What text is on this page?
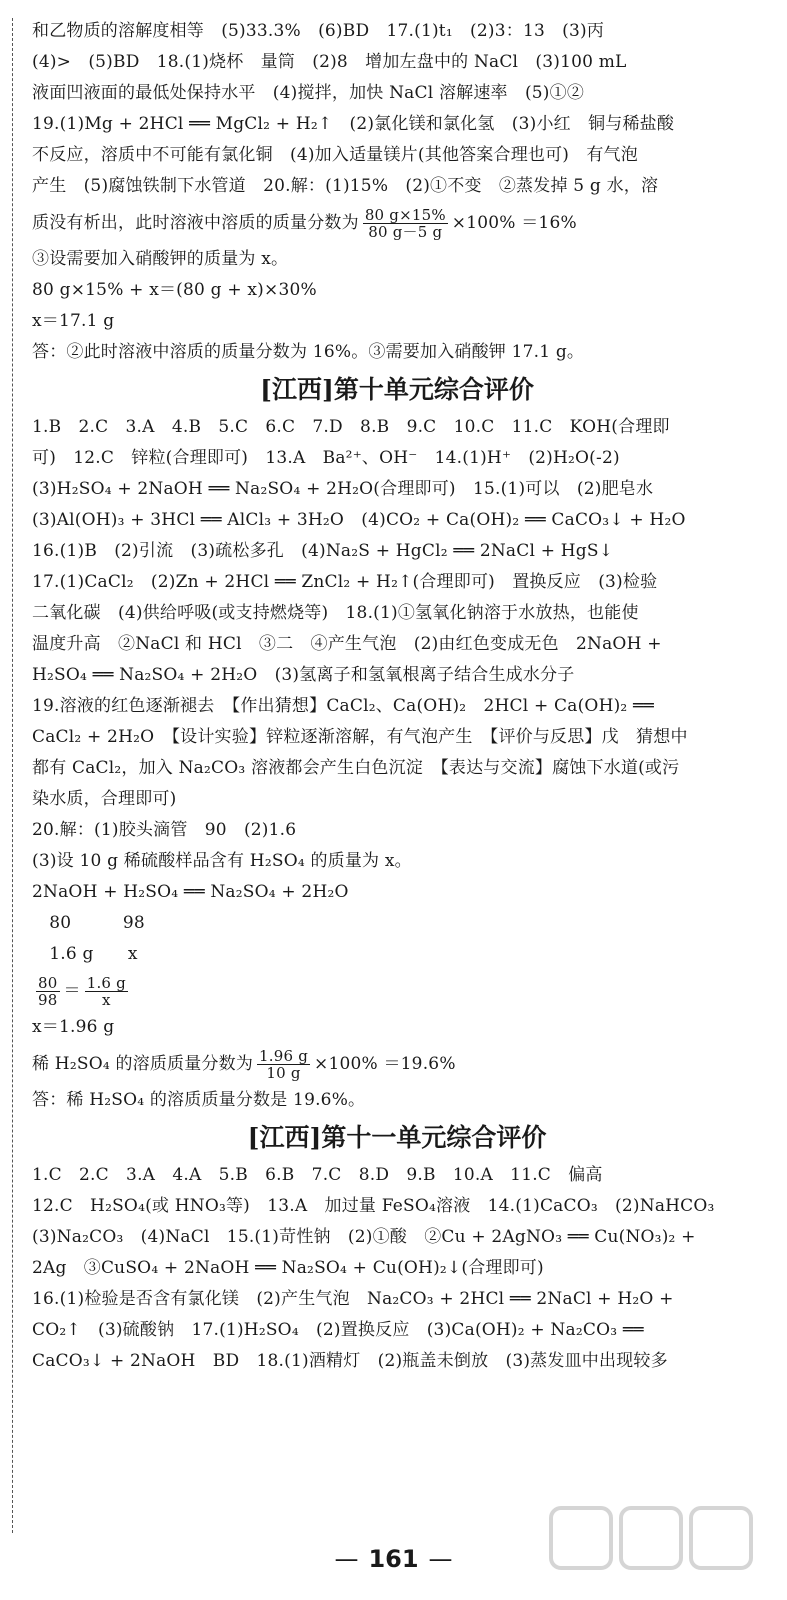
和乙物质的溶解度相等　(5)33.3%　(6)BD　17.(1)t₁　(2)3：13　(3)丙
(4)>　(5)BD　18.(1)烧杯　量筒　(2)8　增加左盘中的 NaCl　(3)100 mL
液面凹液面的最低处保持水平　(4)搅拌，加快 NaCl 溶解速率　(5)①②
19.(1)Mg + 2HCl ══ MgCl₂ + H₂↑　(2)氯化镁和氯化氢　(3)小红　铜与稀盐酸
不反应，溶质中不可能有氯化铜　(4)加入适量镁片(其他答案合理也可)　有气泡
产生　(5)腐蚀铁制下水管道　20.解：(1)15%　(2)①不变　②蒸发掉 5 g 水，溶
质没有析出，此时溶液中溶质的质量分数为 $\frac{80 g\times 15\%}{80 g-5 g} \times 100\% =16\%$
③设需要加入硝酸钾的质量为 x。
80 g×15% + x＝(80 g + x)×30%
x＝17.1 g
答：②此时溶液中溶质的质量分数为 16%。③需要加入硝酸钾 17.1 g。
[江西]第十单元综合评价
1.B　2.C　3.A　4.B　5.C　6.C　7.D　8.B　9.C　10.C　11.C　KOH(合理即
可)　12.C　锌粒(合理即可)　13.A　Ba²⁺、OH⁻　14.(1)H⁺　(2)H₂O(-2)
(3)H₂SO₄ + 2NaOH ══ Na₂SO₄ + 2H₂O(合理即可)　15.(1)可以　(2)肥皂水
(3)Al(OH)₃ + 3HCl ══ AlCl₃ + 3H₂O　(4)CO₂ + Ca(OH)₂ ══ CaCO₃↓ + H₂O
16.(1)B　(2)引流　(3)疏松多孔　(4)Na₂S + HgCl₂ ══ 2NaCl + HgS↓
17.(1)CaCl₂　(2)Zn + 2HCl ══ ZnCl₂ + H₂↑(合理即可)　置换反应　(3)检验
二氧化碳　(4)供给呼吸(或支持燃烧等)　18.(1)①氢氧化钠溶于水放热，也能使
温度升高　②NaCl 和 HCl　③二　④产生气泡　(2)由红色变成无色　2NaOH +
H₂SO₄ ══ Na₂SO₄ + 2H₂O　(3)氢离子和氢氧根离子结合生成水分子
19.溶液的红色逐渐褪去　【作出猜想】CaCl₂、Ca(OH)₂　2HCl + Ca(OH)₂ ══
CaCl₂ + 2H₂O　【设计实验】锌粒逐渐溶解，有气泡产生　【评价与反思】戊　猜想中
都有 CaCl₂，加入 Na₂CO₃ 溶液都会产生白色沉淀　【表达与交流】腐蚀下水道(或污
染水质，合理即可)
20.解：(1)胶头滴管　90　(2)1.6
(3)设 10 g 稀硫酸样品含有 H₂SO₄ 的质量为 x。
2NaOH + H₂SO₄ ══ Na₂SO₄ + 2H₂O
　80　　　98
　1.6 g　　x
$\frac{80}{98} = \frac{1.6 g}{x}$
x＝1.96 g
稀 H₂SO₄ 的溶质质量分数为 $\frac{1.96 g}{10 g} \times 100\% =19.6\%$
答：稀 H₂SO₄ 的溶质质量分数是 19.6%。
[江西]第十一单元综合评价
1.C　2.C　3.A　4.A　5.B　6.B　7.C　8.D　9.B　10.A　11.C　偏高
12.C　H₂SO₄(或 HNO₃等)　13.A　加过量 FeSO₄溶液　14.(1)CaCO₃　(2)NaHCO₃
(3)Na₂CO₃　(4)NaCl　15.(1)苛性钠　(2)①酸　②Cu + 2AgNO₃ ══ Cu(NO₃)₂ +
2Ag　③CuSO₄ + 2NaOH ══ Na₂SO₄ + Cu(OH)₂↓(合理即可)
16.(1)检验是否含有氯化镁　(2)产生气泡　Na₂CO₃ + 2HCl ══ 2NaCl + H₂O +
CO₂↑　(3)硫酸钠　17.(1)H₂SO₄　(2)置换反应　(3)Ca(OH)₂ + Na₂CO₃ ══
CaCO₃↓ + 2NaOH　BD　18.(1)酒精灯　(2)瓶盖未倒放　(3)蒸发皿中出现较多
— 161 —
